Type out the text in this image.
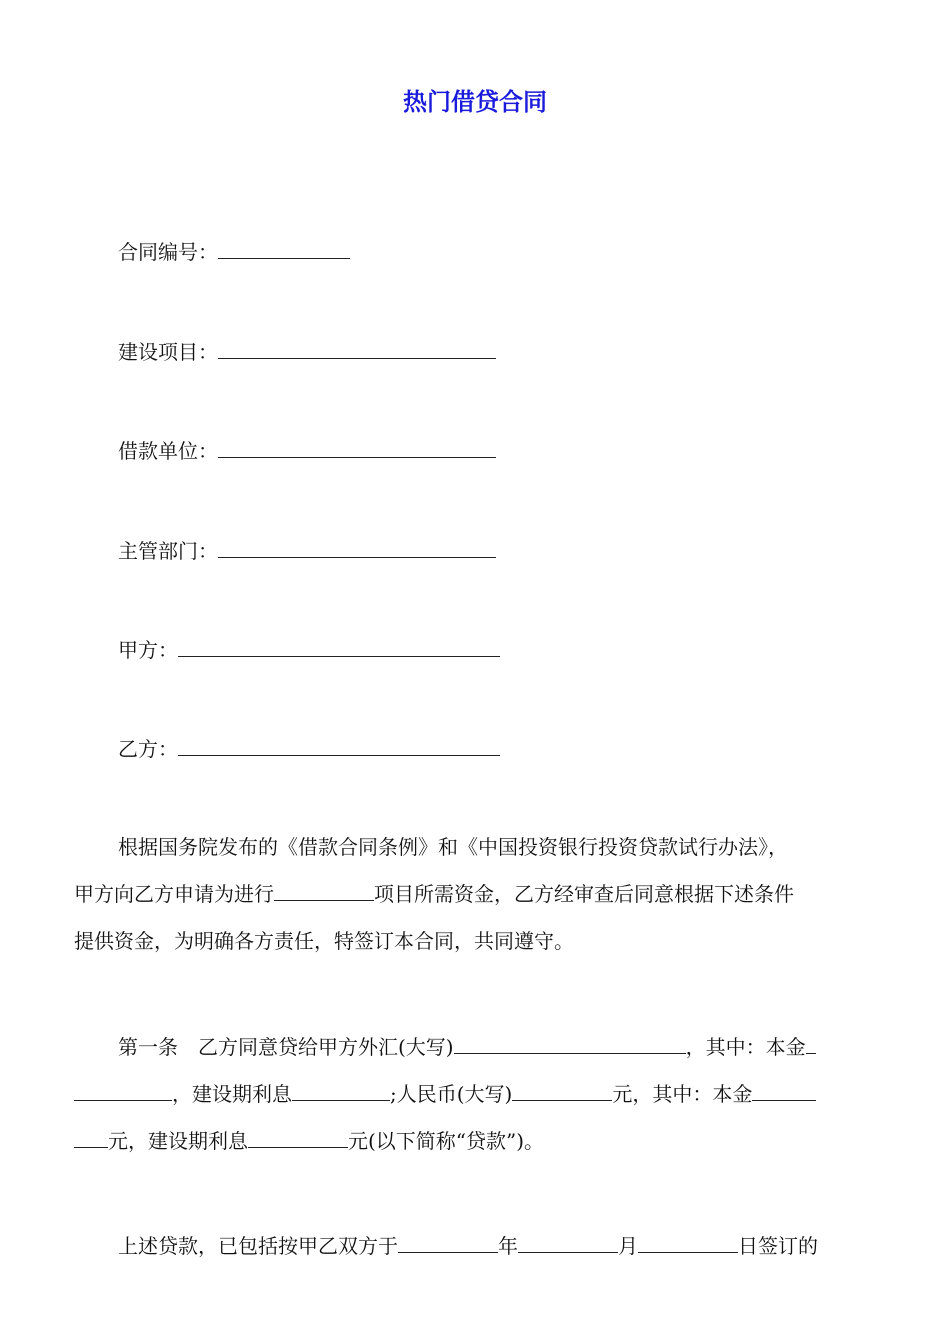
热门借贷合同
合同编号：
建设项目：
借款单位：
主管部门：
甲方：
乙方：
根据国务院发布的《借款合同条例》和《中国投资银行投资贷款试行办法》，
甲方向乙方申请为进行	项目所需资金，乙方经审查后同意根据下述条件
提供资金，为明确各方责任，特签订本合同，共同遵守。
第一条　乙方同意贷给甲方外汇(大写)	，其中：本金
，建设期利息	;人民币(大写)	元，其中：本金
元，建设期利息	元(以下简称“贷款”)。
上述贷款，已包括按甲乙双方于	年	月	日签订的
